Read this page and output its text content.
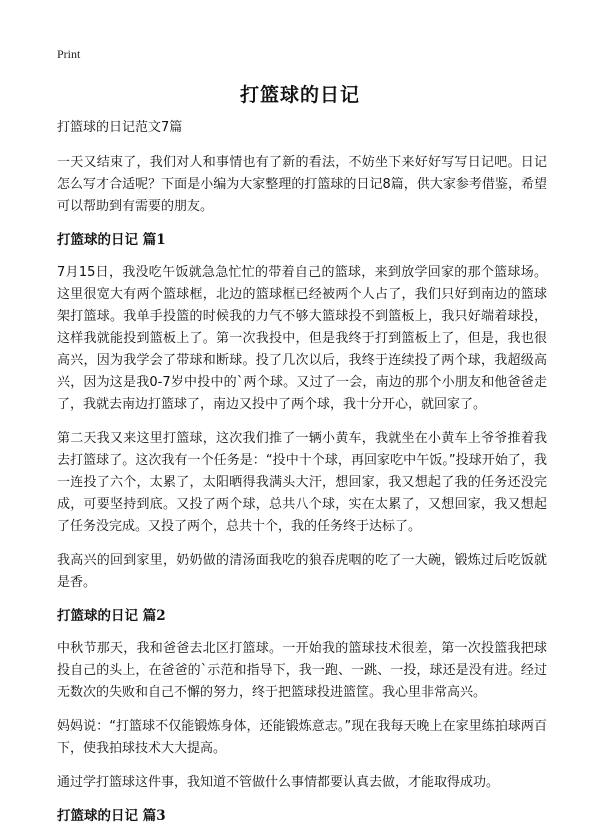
Print
打篮球的日记
打篮球的日记范文7篇

一天又结束了，我们对人和事情也有了新的看法，不妨坐下来好好写写日记吧。日记怎么写才合适呢？下面是小编为大家整理的打篮球的日记8篇，供大家参考借鉴，希望可以帮助到有需要的朋友。

打篮球的日记 篇1

7月15日，我没吃午饭就急急忙忙的带着自己的篮球，来到放学回家的那个篮球场。这里很宽大有两个篮球框，北边的篮球框已经被两个人占了，我们只好到南边的篮球架打篮球。我单手投篮的时候我的力气不够大篮球投不到篮板上，我只好端着球投，这样我就能投到篮板上了。第一次我投中，但是我终于打到篮板上了，但是，我也很高兴，因为我学会了带球和断球。投了几次以后，我终于连续投了两个球，我超级高兴，因为这是我0-7岁中投中的`两个球。又过了一会，南边的那个小朋友和他爸爸走了，我就去南边打篮球了，南边又投中了两个球，我十分开心，就回家了。

第二天我又来这里打篮球，这次我们推了一辆小黄车，我就坐在小黄车上爷爷推着我去打篮球了。这次我有一个任务是：“投中十个球，再回家吃中午饭。”投球开始了，我一连投了六个，太累了，太阳晒得我满头大汗，想回家，我又想起了我的任务还没完成，可要坚持到底。又投了两个球，总共八个球，实在太累了，又想回家，我又想起了任务没完成。又投了两个，总共十个，我的任务终于达标了。

我高兴的回到家里，奶奶做的清汤面我吃的狼吞虎咽的吃了一大碗，锻炼过后吃饭就是香。

打篮球的日记 篇2

中秋节那天，我和爸爸去北区打篮球。一开始我的篮球技术很差，第一次投篮我把球投自己的头上，在爸爸的`示范和指导下，我一跑、一跳、一投，球还是没有进。经过无数次的失败和自己不懈的努力，终于把篮球投进篮筐。我心里非常高兴。

妈妈说：“打篮球不仅能锻炼身体，还能锻炼意志。”现在我每天晚上在家里练拍球两百下，使我拍球技术大大提高。

通过学打篮球这件事，我知道不管做什么事情都要认真去做，才能取得成功。

打篮球的日记 篇3
